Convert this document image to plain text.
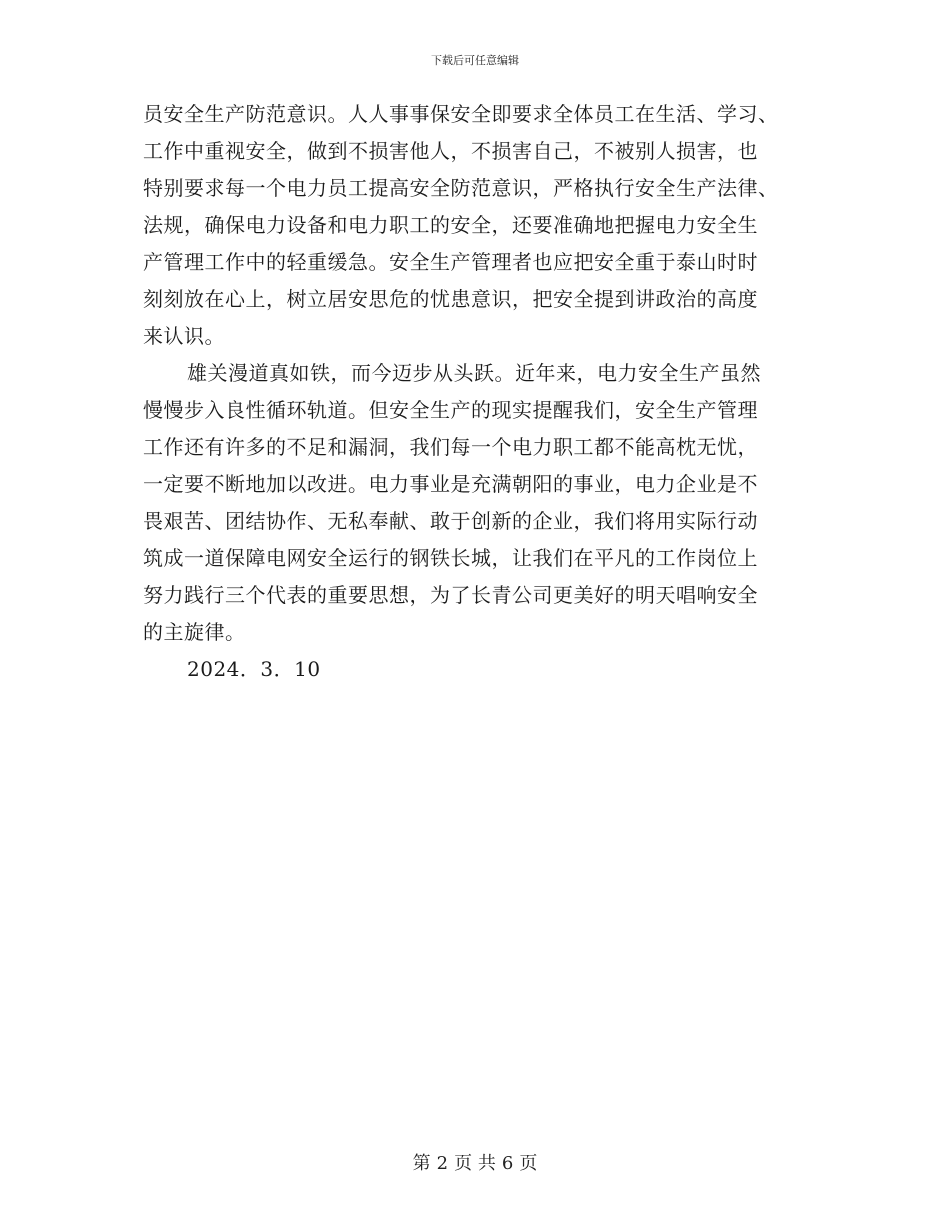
下载后可任意编辑
员安全生产防范意识。人人事事保安全即要求全体员工在生活、学习、
工作中重视安全，做到不损害他人，不损害自己，不被别人损害，也
特别要求每一个电力员工提高安全防范意识，严格执行安全生产法律、
法规，确保电力设备和电力职工的安全，还要准确地把握电力安全生
产管理工作中的轻重缓急。安全生产管理者也应把安全重于泰山时时
刻刻放在心上，树立居安思危的忧患意识，把安全提到讲政治的高度
来认识。
雄关漫道真如铁，而今迈步从头跃。近年来，电力安全生产虽然
慢慢步入良性循环轨道。但安全生产的现实提醒我们，安全生产管理
工作还有许多的不足和漏洞，我们每一个电力职工都不能高枕无忧，
一定要不断地加以改进。电力事业是充满朝阳的事业，电力企业是不
畏艰苦、团结协作、无私奉献、敢于创新的企业，我们将用实际行动
筑成一道保障电网安全运行的钢铁长城，让我们在平凡的工作岗位上
努力践行三个代表的重要思想，为了长青公司更美好的明天唱响安全
的主旋律。
2024．3．10
第 2 页 共 6 页
